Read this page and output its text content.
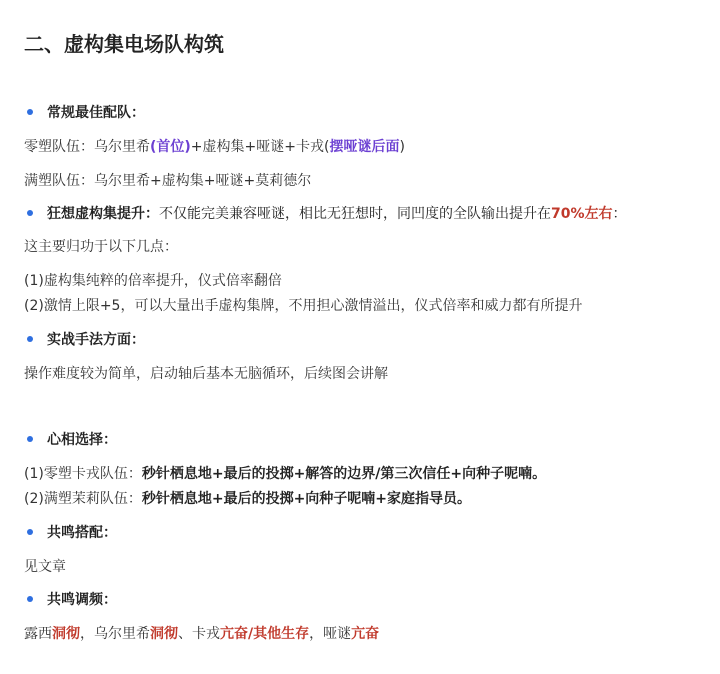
二、虚构集电场队构筑
常规最佳配队：
零塑队伍：乌尔里希(首位)+虚构集+哑谜+卡戎(摆哑谜后面)
满塑队伍：乌尔里希+虚构集+哑谜+莫莉德尔
狂想虚构集提升：不仅能完美兼容哑谜，相比无狂想时，同凹度的全队输出提升在70%左右：
这主要归功于以下几点：
(1)虚构集纯粹的倍率提升，仪式倍率翻倍
(2)激情上限+5，可以大量出手虚构集牌，不用担心激情溢出，仪式倍率和威力都有所提升
实战手法方面：
操作难度较为简单，启动轴后基本无脑循环，后续图会讲解
心相选择：
(1)零塑卡戎队伍：秒针栖息地+最后的投掷+解答的边界/第三次信任+向种子呢喃。
(2)满塑茉莉队伍：秒针栖息地+最后的投掷+向种子呢喃+家庭指导员。
共鸣搭配：
见文章
共鸣调频：
露西洞彻，乌尔里希洞彻、卡戎亢奋/其他生存，哑谜亢奋
